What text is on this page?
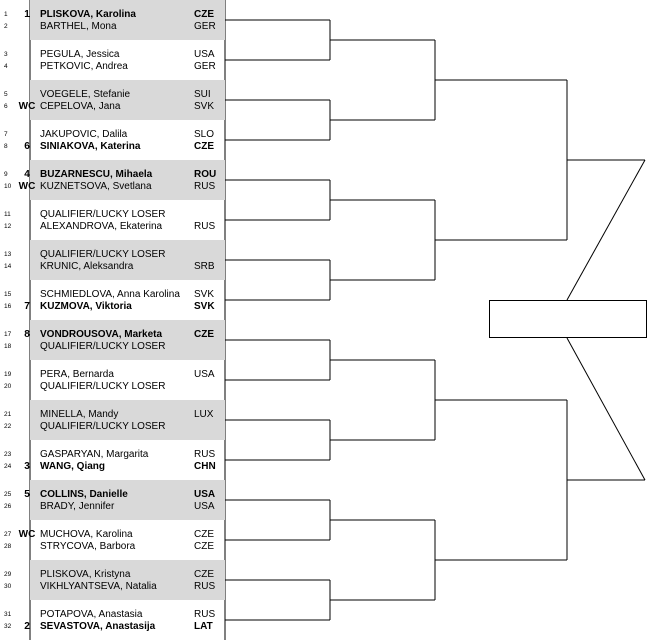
1	1	PLISKOVA, Karolina	CZE
2	BARTHEL, Mona	GER
3	PEGULA, Jessica	USA
4	PETKOVIC, Andrea	GER
5	VOEGELE, Stefanie	SUI
6	WC CEPELOVA, Jana	SVK
7	JAKUPOVIC, Dalila	SLO
8	6	SINIAKOVA, Katerina	CZE
9	4	BUZARNESCU, Mihaela	ROU
10 WC KUZNETSOVA, Svetlana	RUS
11	QUALIFIER/LUCKY LOSER
12	ALEXANDROVA, Ekaterina	RUS
13	QUALIFIER/LUCKY LOSER
14	KRUNIC, Aleksandra	SRB
15	SCHMIEDLOVA, Anna Karolina	SVK
16	7	KUZMOVA, Viktoria	SVK
17	8	VONDROUSOVA, Marketa	CZE
18	QUALIFIER/LUCKY LOSER
19	PERA, Bernarda	USA
20	QUALIFIER/LUCKY LOSER
21	MINELLA, Mandy	LUX
22	QUALIFIER/LUCKY LOSER
23	GASPARYAN, Margarita	RUS
24	3	WANG, Qiang	CHN
25	5	COLLINS, Danielle	USA
26	BRADY, Jennifer	USA
27 WC MUCHOVA, Karolina	CZE
28	STRYCOVA, Barbora	CZE
29	PLISKOVA, Kristyna	CZE
30	VIKHLYANTSEVA, Natalia	RUS
31	POTAPOVA, Anastasia	RUS
32	2	SEVASTOVA, Anastasija	LAT
